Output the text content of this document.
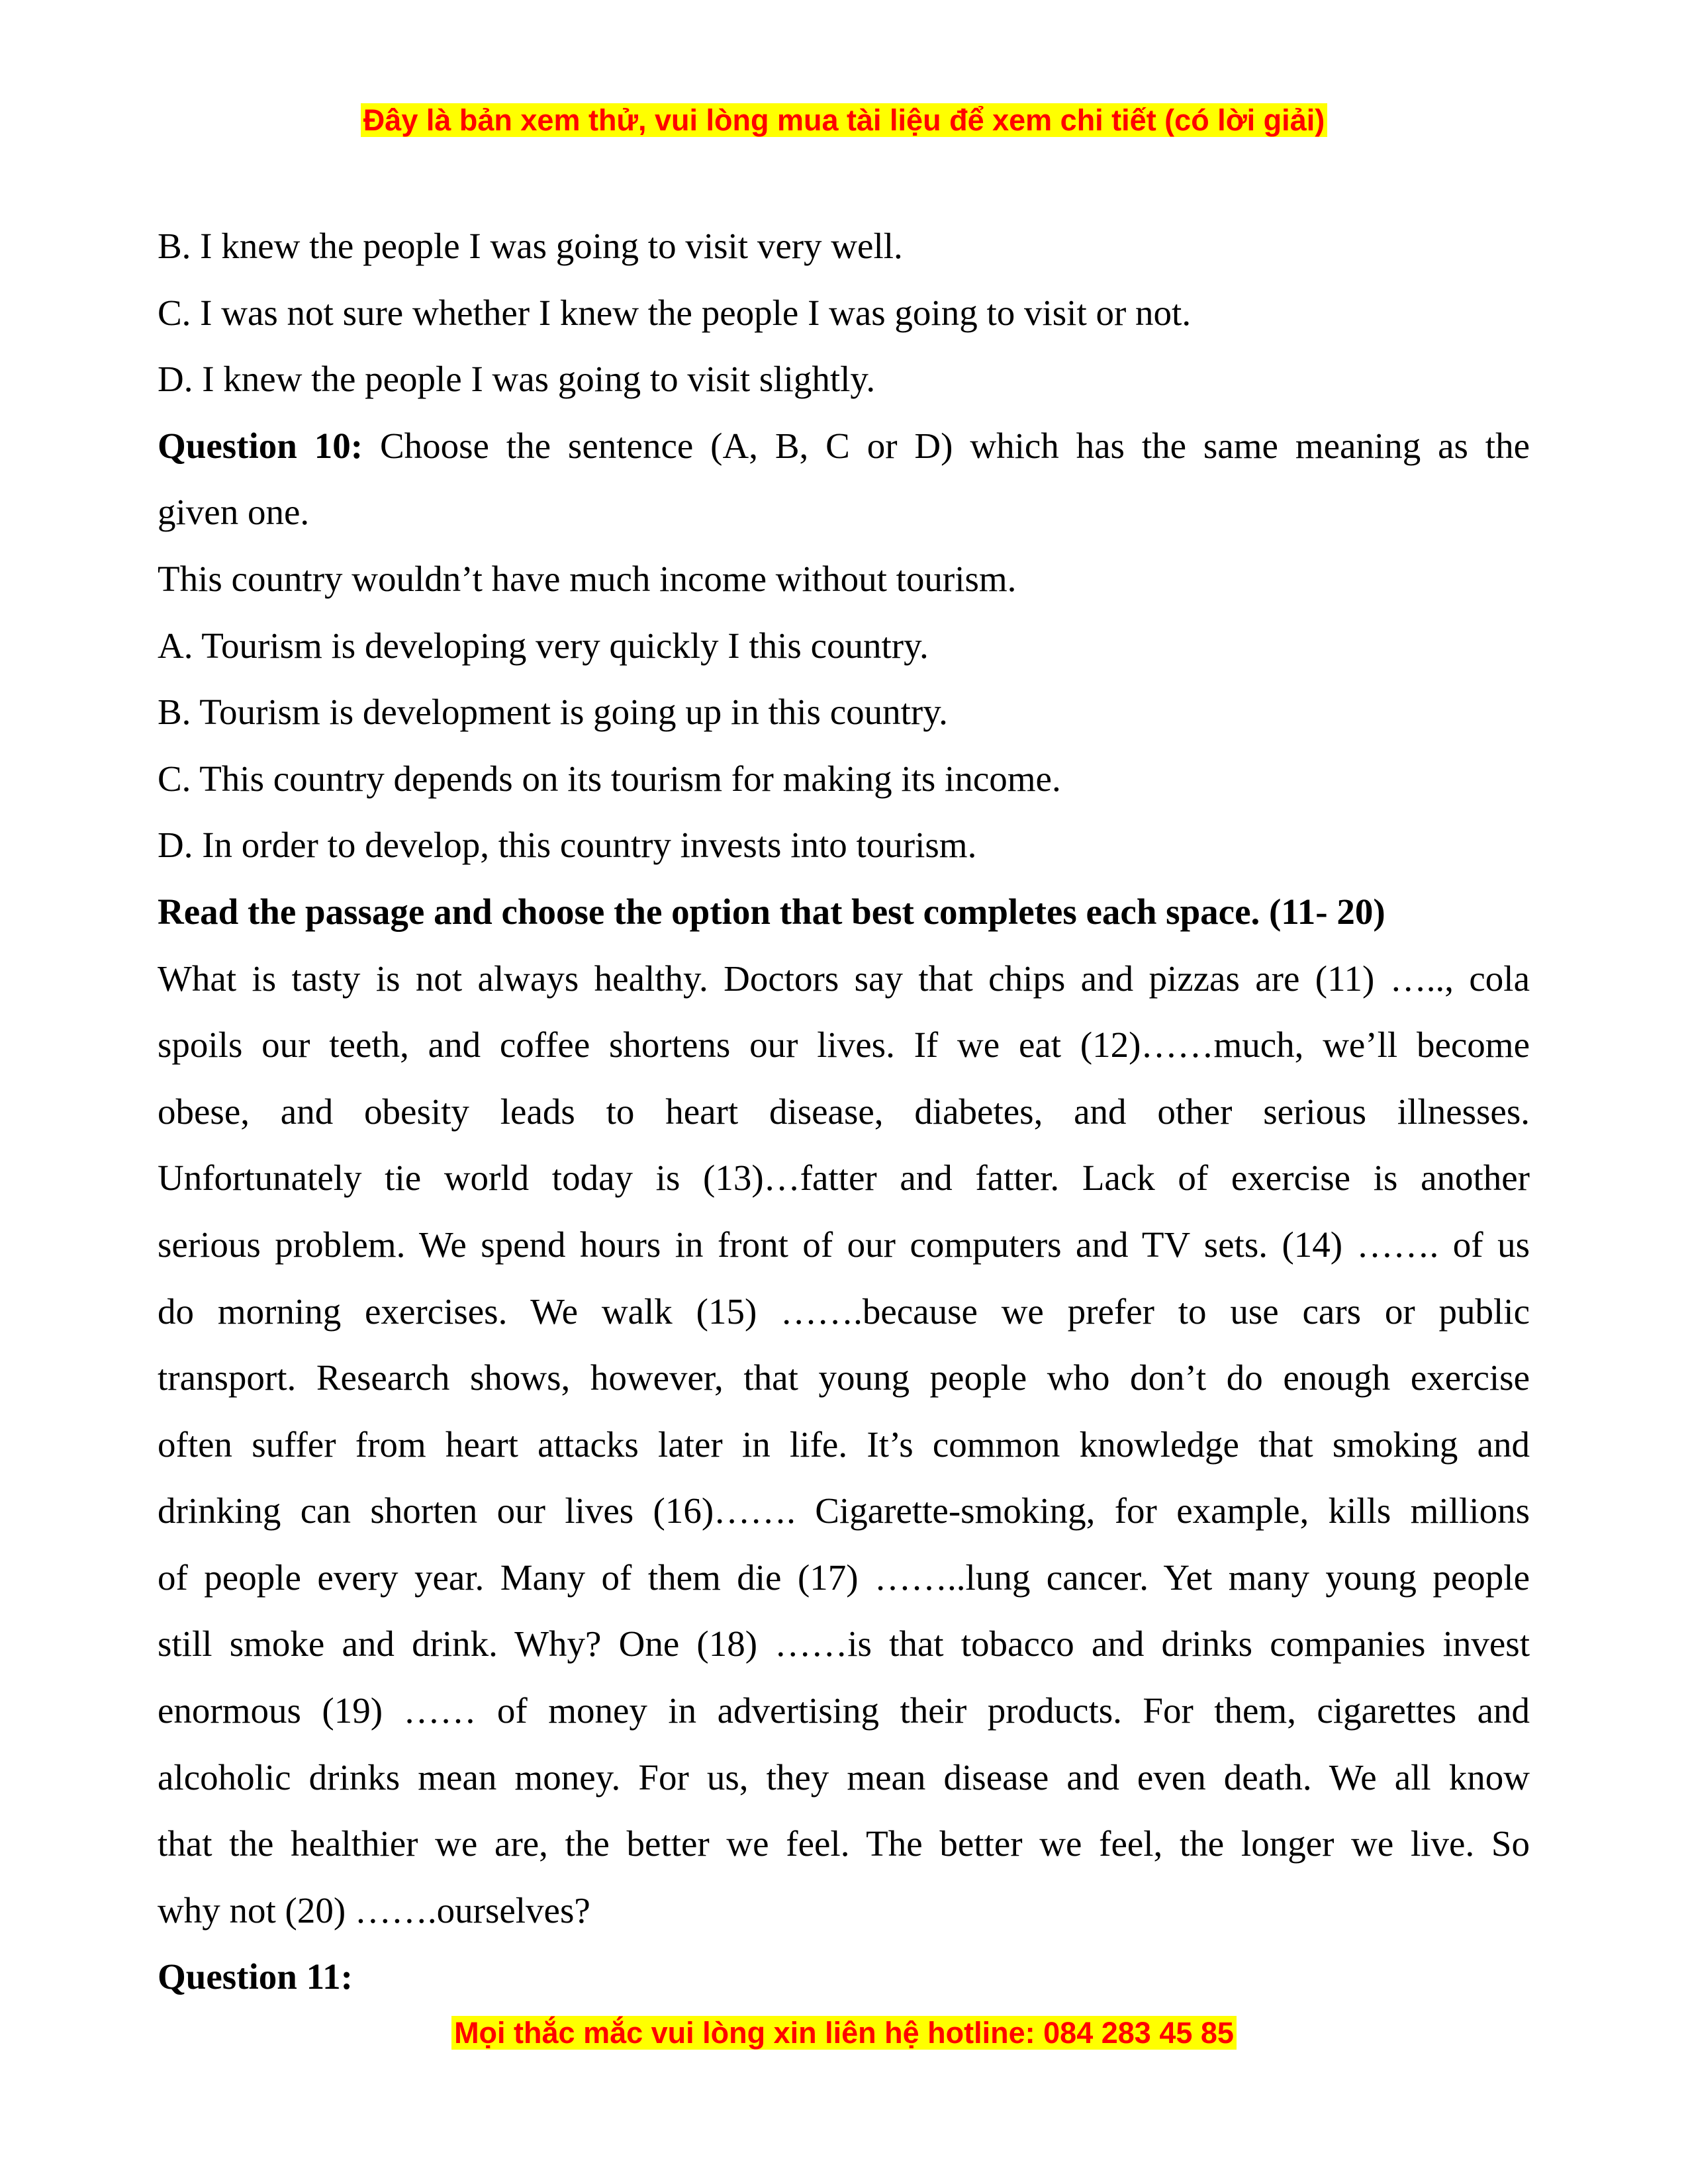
Đây là bản xem thử, vui lòng mua tài liệu để xem chi tiết (có lời giải)

B. I knew the people I was going to visit very well.

C. I was not sure whether I knew the people I was going to visit or not.

D. I knew the people I was going to visit slightly.

Question 10: Choose the sentence (A, B, C or D) which has the same meaning as the

given one.

This country wouldn’t have much income without tourism.

A. Tourism is developing very quickly I this country.

B. Tourism is development is going up in this country.

C. This country depends on its tourism for making its income.

D. In order to develop, this country invests into tourism.

Read the passage and choose the option that best completes each space. (11- 20)

What is tasty is not always healthy. Doctors say that chips and pizzas are (11) ….., cola

spoils our teeth, and coffee shortens our lives. If we eat (12)……much, we’ll become

obese, and obesity leads to heart disease, diabetes, and other serious illnesses.

Unfortunately tie world today is (13)…fatter and fatter. Lack of exercise is another

serious problem. We spend hours in front of our computers and TV sets. (14) ……. of us

do morning exercises. We walk (15) …….because we prefer to use cars or public

transport. Research shows, however, that young people who don’t do enough exercise

often suffer from heart attacks later in life. It’s common knowledge that smoking and

drinking can shorten our lives (16)……. Cigarette-smoking, for example, kills millions

of people every year. Many of them die (17) ……..lung cancer. Yet many young people

still smoke and drink. Why? One (18) ……is that tobacco and drinks companies invest

enormous (19) …… of money in advertising their products. For them, cigarettes and

alcoholic drinks mean money. For us, they mean disease and even death. We all know

that the healthier we are, the better we feel. The better we feel, the longer we live. So

why not (20) …….ourselves?

Question 11:

Mọi thắc mắc vui lòng xin liên hệ hotline: 084 283 45 85
